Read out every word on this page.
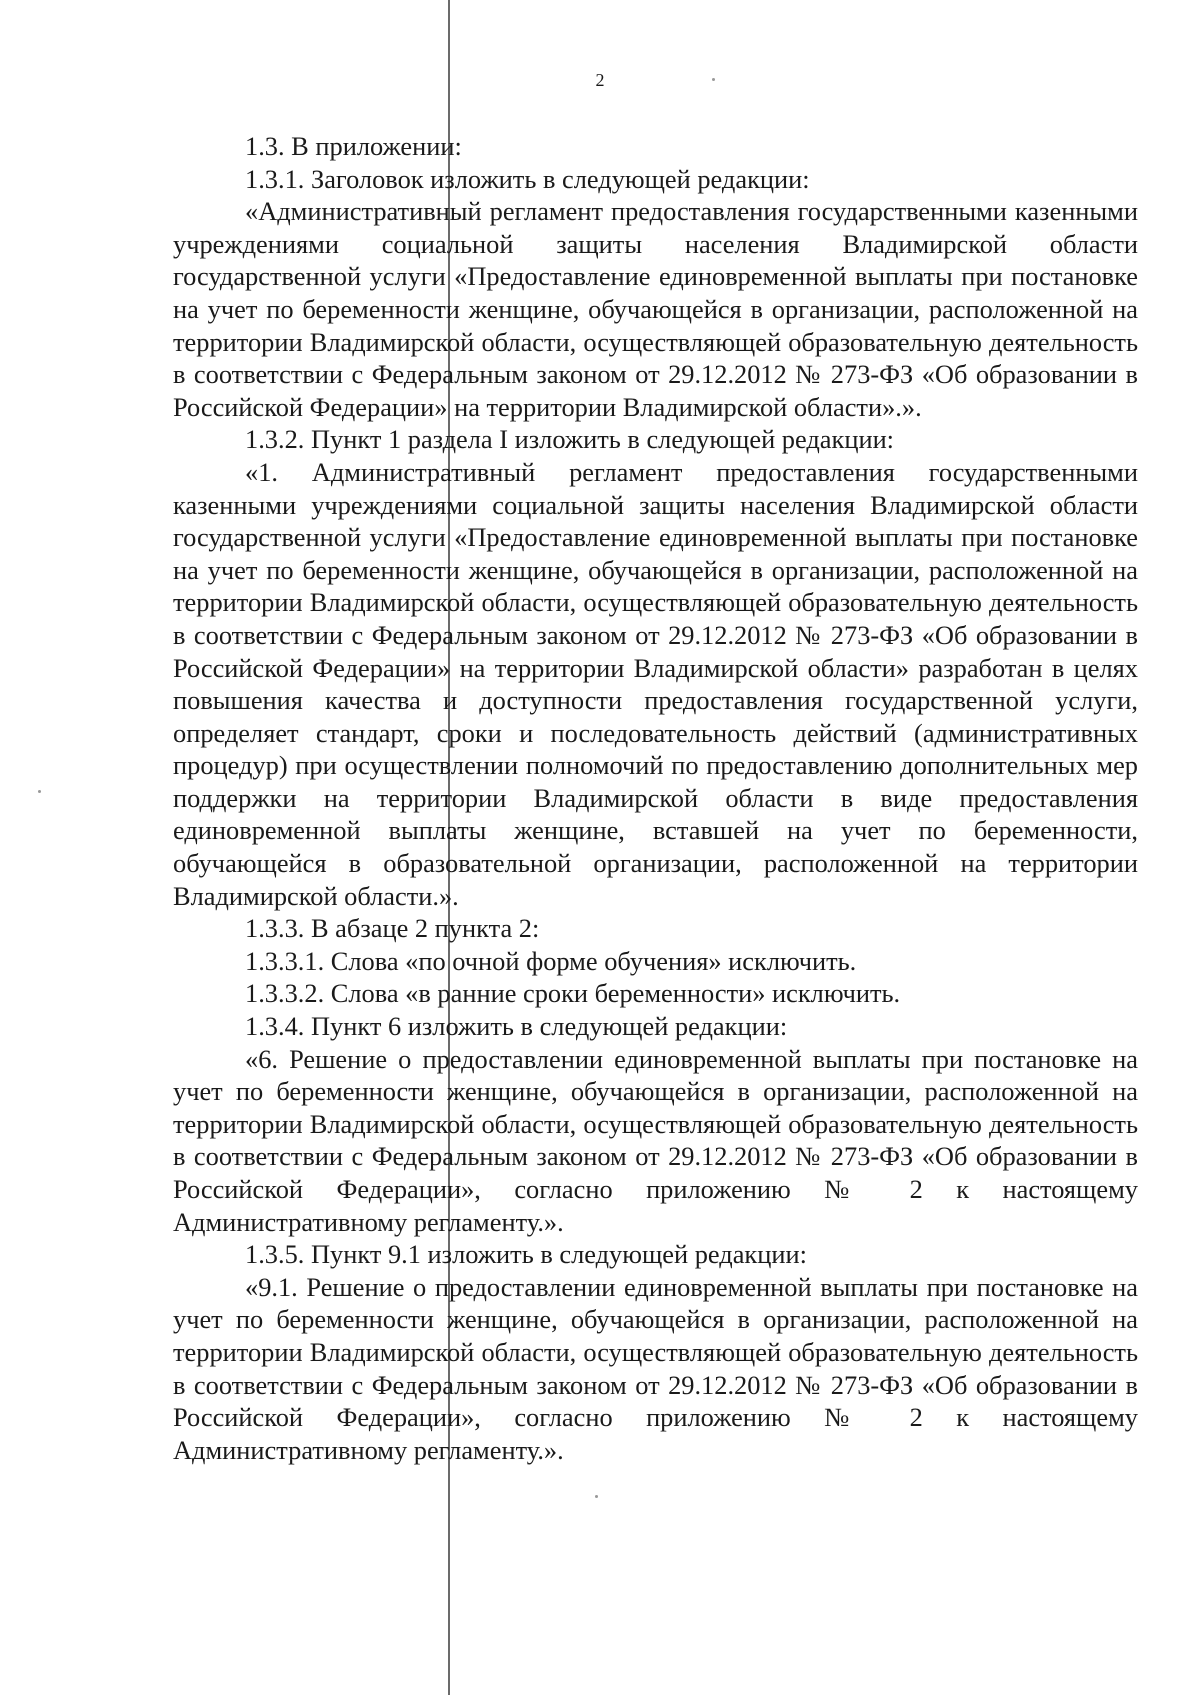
2

1.3. В приложении:

1.3.1. Заголовок изложить в следующей редакции:

«Административный регламент предоставления государственными казенными учреждениями социальной защиты населения Владимирской области государственной услуги «Предоставление единовременной выплаты при постановке на учет по беременности женщине, обучающейся в организации, расположенной на территории Владимирской области, осуществляющей образовательную деятельность в соответствии с Федеральным законом от 29.12.2012 № 273-ФЗ «Об образовании в Российской Федерации» на территории Владимирской области».».

1.3.2. Пункт 1 раздела I изложить в следующей редакции:

«1. Административный регламент предоставления государственными казенными учреждениями социальной защиты населения Владимирской области государственной услуги «Предоставление единовременной выплаты при постановке на учет по беременности женщине, обучающейся в организации, расположенной на территории Владимирской области, осуществляющей образовательную деятельность в соответствии с Федеральным законом от 29.12.2012 № 273-ФЗ «Об образовании в Российской Федерации» на территории Владимирской области» разработан в целях повышения качества и доступности предоставления государственной услуги, определяет стандарт, сроки и последовательность действий (административных процедур) при осуществлении полномочий по предоставлению дополнительных мер поддержки на территории Владимирской области в виде предоставления единовременной выплаты женщине, вставшей на учет по беременности, обучающейся в образовательной организации, расположенной на территории Владимирской области.».

1.3.3. В абзаце 2 пункта 2:

1.3.3.1. Слова «по очной форме обучения» исключить.

1.3.3.2. Слова «в ранние сроки беременности» исключить.

1.3.4. Пункт 6 изложить в следующей редакции:

«6. Решение о предоставлении единовременной выплаты при постановке на учет по беременности женщине, обучающейся в организации, расположенной на территории Владимирской области, осуществляющей образовательную деятельность в соответствии с Федеральным законом от 29.12.2012 № 273-ФЗ «Об образовании в Российской Федерации», согласно приложению № 2 к настоящему Административному регламенту.».

1.3.5. Пункт 9.1 изложить в следующей редакции:

«9.1. Решение о предоставлении единовременной выплаты при постановке на учет по беременности женщине, обучающейся в организации, расположенной на территории Владимирской области, осуществляющей образовательную деятельность в соответствии с Федеральным законом от 29.12.2012 № 273-ФЗ «Об образовании в Российской Федерации», согласно приложению № 2 к настоящему Административному регламенту.».
